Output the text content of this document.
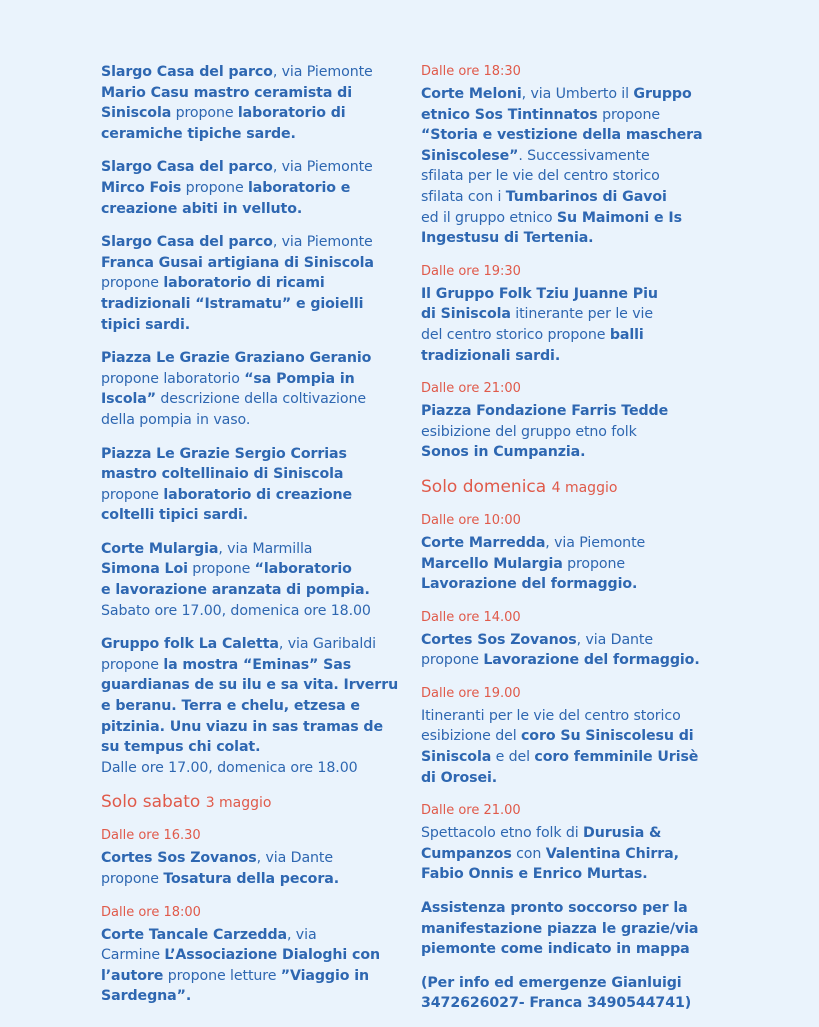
Slargo Casa del parco, via Piemonte
Mario Casu mastro ceramista di
Siniscola propone laboratorio di
ceramiche tipiche sarde.
Slargo Casa del parco, via Piemonte
Mirco Fois propone laboratorio e
creazione abiti in velluto.
Slargo Casa del parco, via Piemonte
Franca Gusai artigiana di Siniscola
propone laboratorio di ricami
tradizionali “Istramatu” e gioielli
tipici sardi.
Piazza Le Grazie Graziano Geranio
propone laboratorio “sa Pompia in
Iscola” descrizione della coltivazione
della pompia in vaso.
Piazza Le Grazie Sergio Corrias
mastro coltellinaio di Siniscola
propone laboratorio di creazione
coltelli tipici sardi.
Corte Mulargia, via Marmilla
Simona Loi propone “laboratorio
e lavorazione aranzata di pompia.
Sabato ore 17.00, domenica ore 18.00
Gruppo folk La Caletta, via Garibaldi
propone la mostra “Eminas” Sas
guardianas de su ilu e sa vita. Irverru
e beranu. Terra e chelu, etzesa e
pitzinia. Unu viazu in sas tramas de
su tempus chi colat.
Dalle ore 17.00, domenica ore 18.00
Solo sabato 3 maggio
Dalle ore 16.30
Cortes Sos Zovanos, via Dante
propone Tosatura della pecora.
Dalle ore 18:00
Corte Tancale Carzedda, via
Carmine L’Associazione Dialoghi con
l’autore propone letture ”Viaggio in
Sardegna”.
Dalle ore 18:30
Corte Meloni, via Umberto il Gruppo
etnico Sos Tintinnatos propone
“Storia e vestizione della maschera
Siniscolese”. Successivamente
sfilata per le vie del centro storico
sfilata con i Tumbarinos di Gavoi
ed il gruppo etnico Su Maimoni e Is
Ingestusu di Tertenia.
Dalle ore 19:30
Il Gruppo Folk Tziu Juanne Piu
di Siniscola itinerante per le vie
del centro storico propone balli
tradizionali sardi.
Dalle ore 21:00
Piazza Fondazione Farris Tedde
esibizione del gruppo etno folk
Sonos in Cumpanzia.
Solo domenica 4 maggio
Dalle ore 10:00
Corte Marredda, via Piemonte
Marcello Mulargia propone
Lavorazione del formaggio.
Dalle ore 14.00
Cortes Sos Zovanos, via Dante
propone Lavorazione del formaggio.
Dalle ore 19.00
Itineranti per le vie del centro storico
esibizione del coro Su Siniscolesu di
Siniscola e del coro femminile Urisè
di Orosei.
Dalle ore 21.00
Spettacolo etno folk di Durusia &
Cumpanzos con Valentina Chirra,
Fabio Onnis e Enrico Murtas.
Assistenza pronto soccorso per la
manifestazione piazza le grazie/via
piemonte come indicato in mappa
(Per info ed emergenze Gianluigi
3472626027- Franca 3490544741)
